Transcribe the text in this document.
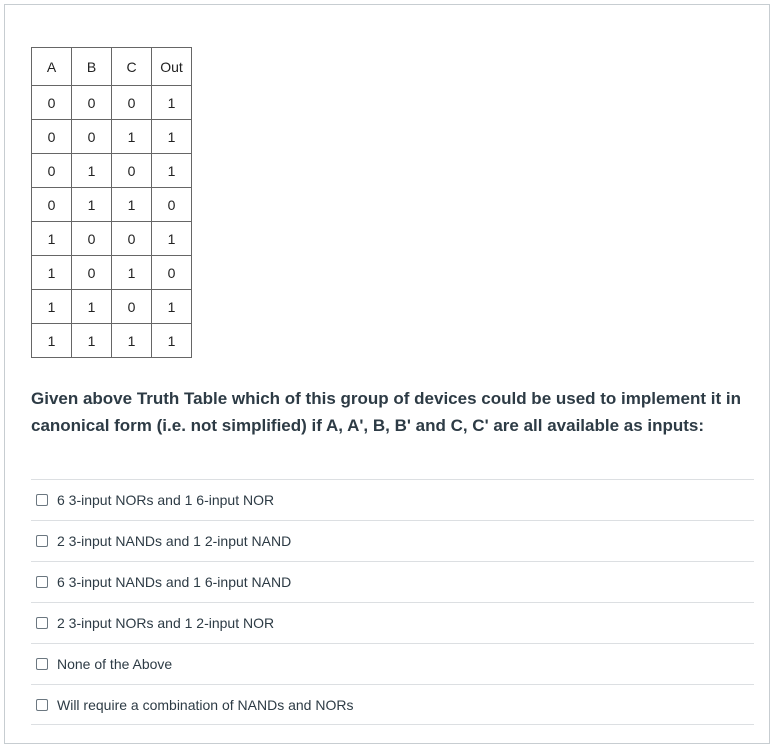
A	B	C	Out
0	0	0	1
0	0	1	1
0	1	0	1
0	1	1	0
1	0	0	1
1	0	1	0
1	1	0	1
1	1	1	1

Given above Truth Table which of this group of devices could be used to implement it in
canonical form (i.e. not simplified) if A, A', B, B' and C, C' are all available as inputs:

6 3-input NORs and 1 6-input NOR
2 3-input NANDs and 1 2-input NAND
6 3-input NANDs and 1 6-input NAND
2 3-input NORs and 1 2-input NOR
None of the Above
Will require a combination of NANDs and NORs
